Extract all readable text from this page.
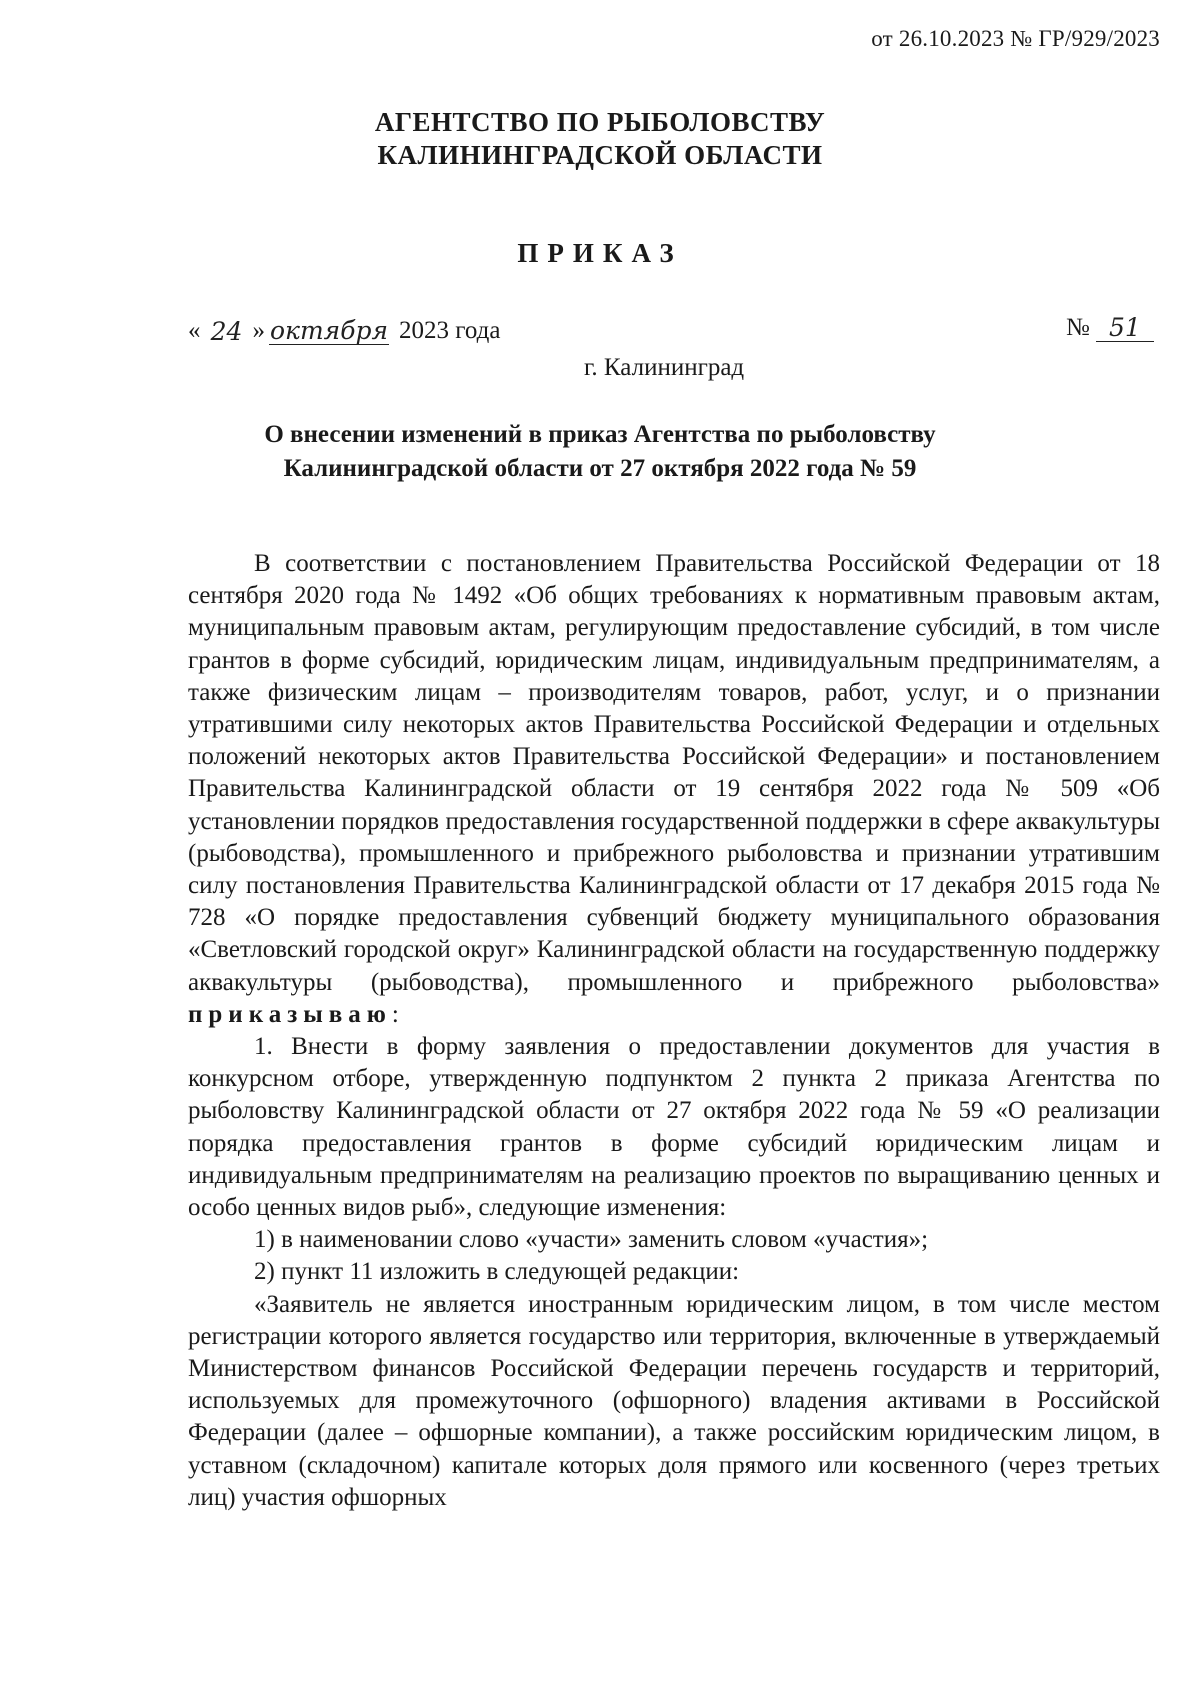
от 26.10.2023 № ГР/929/2023
АГЕНТСТВО ПО РЫБОЛОВСТВУ
КАЛИНИНГРАДСКОЙ ОБЛАСТИ
ПРИКАЗ
« 24 » октября 2023 года	№ 51
г. Калининград
О внесении изменений в приказ Агентства по рыболовству
Калининградской области от 27 октября 2022 года № 59

В соответствии с постановлением Правительства Российской Федерации от 18 сентября 2020 года № 1492 «Об общих требованиях к нормативным правовым актам, муниципальным правовым актам, регулирующим предоставление субсидий, в том числе грантов в форме субсидий, юридическим лицам, индивидуальным предпринимателям, а также физическим лицам – производителям товаров, работ, услуг, и о признании утратившими силу некоторых актов Правительства Российской Федерации и отдельных положений некоторых актов Правительства Российской Федерации» и постановлением Правительства Калининградской области от 19 сентября 2022 года № 509 «Об установлении порядков предоставления государственной поддержки в сфере аквакультуры (рыбоводства), промышленного и прибрежного рыболовства и признании утратившим силу постановления Правительства Калининградской области от 17 декабря 2015 года № 728 «О порядке предоставления субвенций бюджету муниципального образования «Светловский городской округ» Калининградской области на государственную поддержку аквакультуры (рыбоводства), промышленного и прибрежного рыболовства» приказываю:

1. Внести в форму заявления о предоставлении документов для участия в конкурсном отборе, утвержденную подпунктом 2 пункта 2 приказа Агентства по рыболовству Калининградской области от 27 октября 2022 года № 59 «О реализации порядка предоставления грантов в форме субсидий юридическим лицам и индивидуальным предпринимателям на реализацию проектов по выращиванию ценных и особо ценных видов рыб», следующие изменения:

1) в наименовании слово «участи» заменить словом «участия»;

2) пункт 11 изложить в следующей редакции:

«Заявитель не является иностранным юридическим лицом, в том числе местом регистрации которого является государство или территория, включенные в утверждаемый Министерством финансов Российской Федерации перечень государств и территорий, используемых для промежуточного (офшорного) владения активами в Российской Федерации (далее – офшорные компании), а также российским юридическим лицом, в уставном (складочном) капитале которых доля прямого или косвенного (через третьих лиц) участия офшорных
